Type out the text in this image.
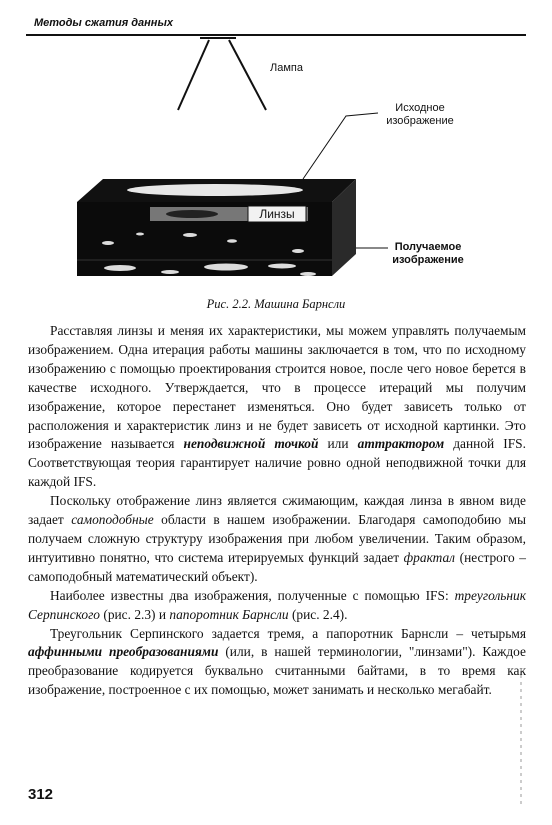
Методы сжатия данных
Лампа
Исходное
изображение
Линзы
Получаемое
изображение
Рис. 2.2. Машина Барнсли

Расставляя линзы и меняя их характеристики, мы можем управлять получаемым изображением. Одна итерация работы машины заключается в том, что по исходному изображению с помощью проектирования строится новое, после чего новое берется в качестве исходного. Утверждается, что в процессе итераций мы получим изображение, которое перестанет изменяться. Оно будет зависеть только от расположения и характеристик линз и не будет зависеть от исходной картинки. Это изображение называется неподвижной точкой или аттрактором данной IFS. Соответствующая теория гарантирует наличие ровно одной неподвижной точки для каждой IFS.

Поскольку отображение линз является сжимающим, каждая линза в явном виде задает самоподобные области в нашем изображении. Благодаря самоподобию мы получаем сложную структуру изображения при любом увеличении. Таким образом, интуитивно понятно, что система итерируемых функций задает фрактал (нестрого – самоподобный математический объект).

Наиболее известны два изображения, полученные с помощью IFS: треугольник Серпинского (рис. 2.3) и папоротник Барнсли (рис. 2.4).

Треугольник Серпинского задается тремя, а папоротник Барнсли – четырьмя аффинными преобразованиями (или, в нашей терминологии, "линзами"). Каждое преобразование кодируется буквально считанными байтами, в то время как изображение, построенное с их помощью, может занимать и несколько мегабайт.

312
